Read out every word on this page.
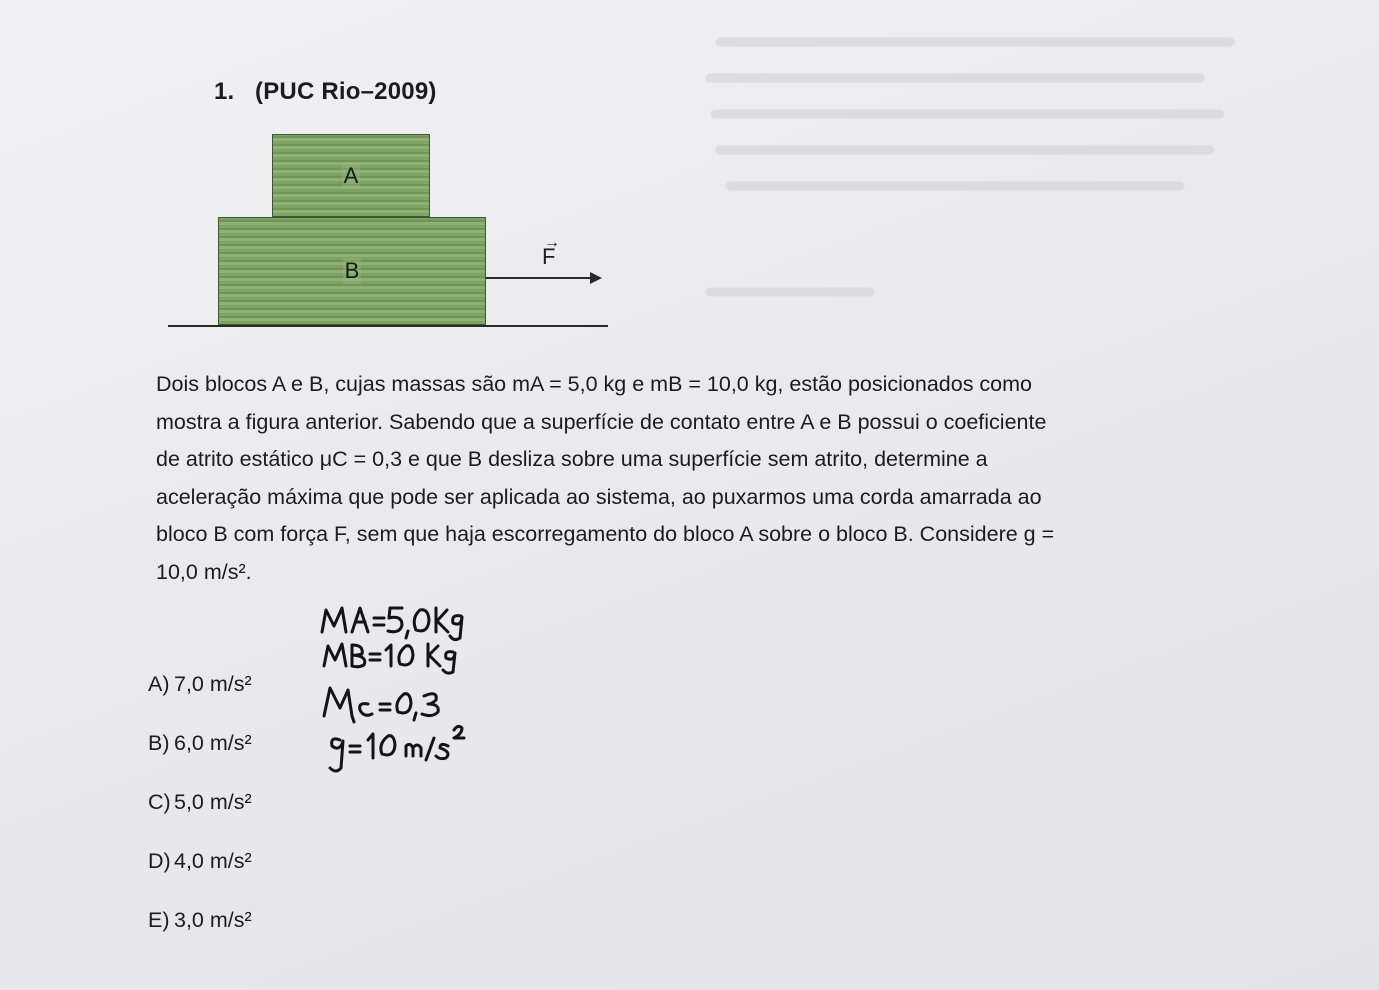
1. (PUC Rio–2009)
A
B
→
F

Dois blocos A e B, cujas massas são mA = 5,0 kg e mB = 10,0 kg, estão posicionados como

mostra a figura anterior. Sabendo que a superfície de contato entre A e B possui o coeficiente

de atrito estático μC = 0,3 e que B desliza sobre uma superfície sem atrito, determine a

aceleração máxima que pode ser aplicada ao sistema, ao puxarmos uma corda amarrada ao

bloco B com força F, sem que haja escorregamento do bloco A sobre o bloco B. Considere g =

10,0 m/s².

A) 7,0 m/s²
B) 6,0 m/s²
C) 5,0 m/s²
D) 4,0 m/s²
E) 3,0 m/s²
